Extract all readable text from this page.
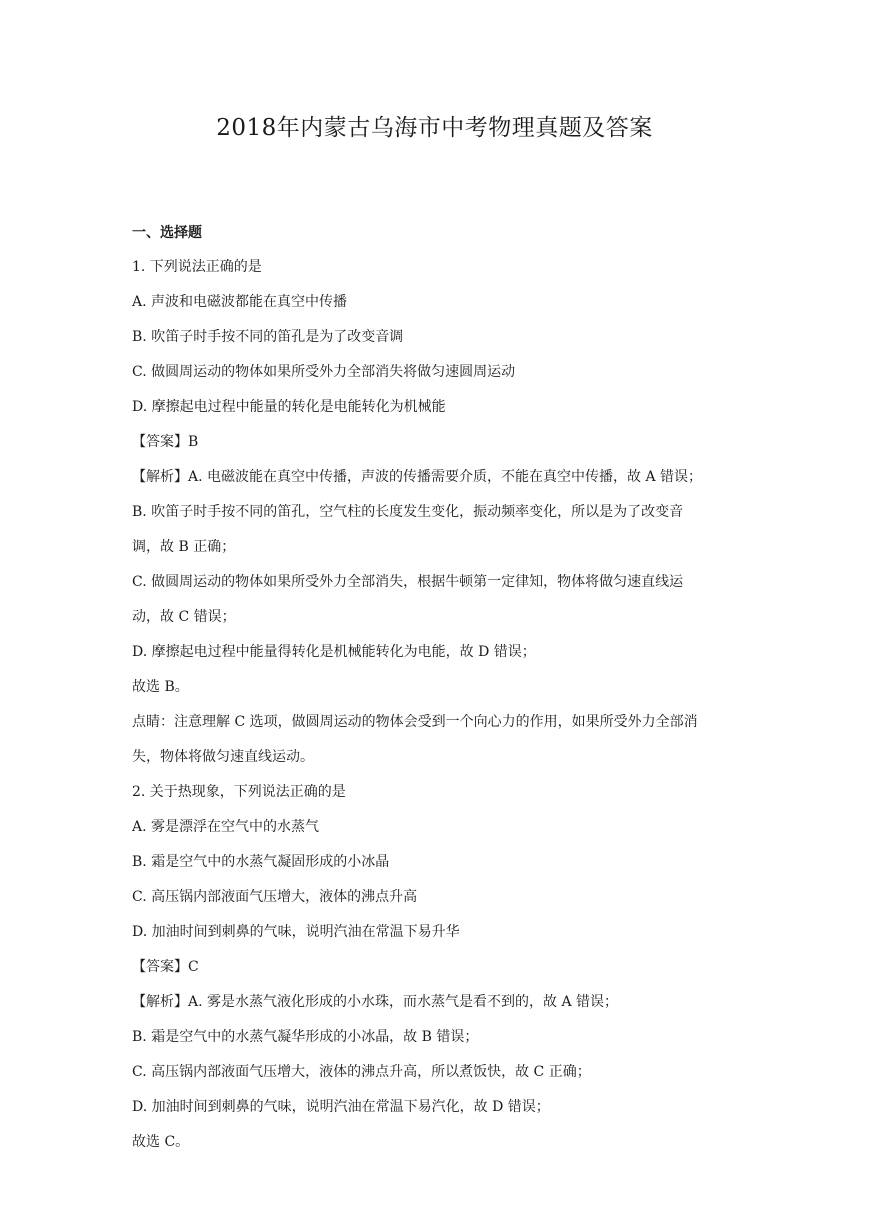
2018年内蒙古乌海市中考物理真题及答案
一、选择题
1. 下列说法正确的是
A. 声波和电磁波都能在真空中传播
B. 吹笛子时手按不同的笛孔是为了改变音调
C. 做圆周运动的物体如果所受外力全部消失将做匀速圆周运动
D. 摩擦起电过程中能量的转化是电能转化为机械能
【答案】B
【解析】A. 电磁波能在真空中传播，声波的传播需要介质，不能在真空中传播，故 A 错误；
B. 吹笛子时手按不同的笛孔，空气柱的长度发生变化，振动频率变化，所以是为了改变音
调，故 B 正确；
C. 做圆周运动的物体如果所受外力全部消失，根据牛顿第一定律知，物体将做匀速直线运
动，故 C 错误；
D. 摩擦起电过程中能量得转化是机械能转化为电能，故 D 错误；
故选 B。
点睛：注意理解 C 选项，做圆周运动的物体会受到一个向心力的作用，如果所受外力全部消
失，物体将做匀速直线运动。
2. 关于热现象，下列说法正确的是
A. 雾是漂浮在空气中的水蒸气
B. 霜是空气中的水蒸气凝固形成的小冰晶
C. 高压锅内部液面气压增大，液体的沸点升高
D. 加油时间到刺鼻的气味，说明汽油在常温下易升华
【答案】C
【解析】A. 雾是水蒸气液化形成的小水珠，而水蒸气是看不到的，故 A 错误；
B. 霜是空气中的水蒸气凝华形成的小冰晶，故 B 错误；
C. 高压锅内部液面气压增大，液体的沸点升高，所以煮饭快，故 C 正确；
D. 加油时间到刺鼻的气味，说明汽油在常温下易汽化，故 D 错误；
故选 C。
